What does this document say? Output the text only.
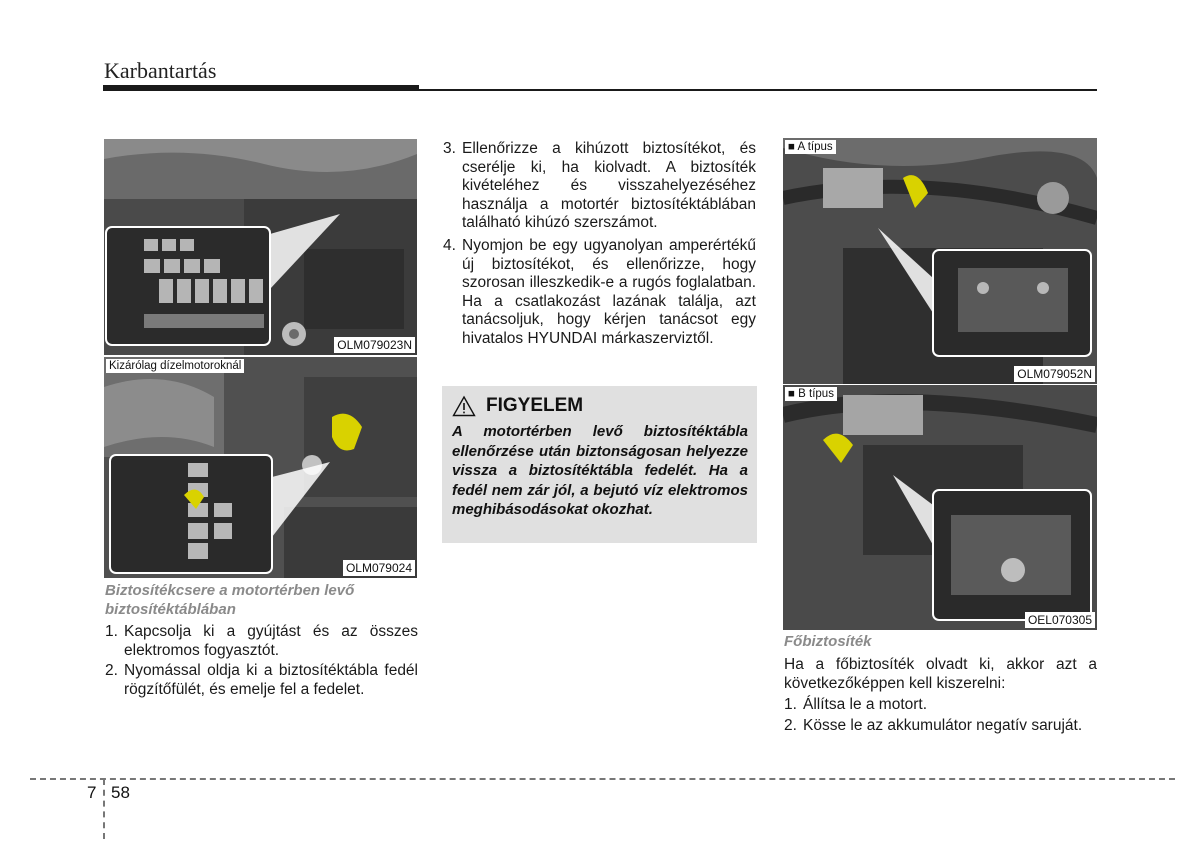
Karbantartás
OLM079023N
Kizárólag dízelmotoroknál
OLM079024
Biztosítékcsere a motortérben levő
biztosítéktáblában
1. Kapcsolja ki a gyújtást és az összes elektromos fogyasztót.
2. Nyomással oldja ki a biztosítéktábla fedél rögzítőfülét, és emelje fel a fedelet.
3. Ellenőrizze a kihúzott biztosítékot, és cserélje ki, ha kiolvadt. A biztosíték kivételéhez és visszahelyezéséhez használja a motortér biztosítéktáblában található kihúzó szerszámot.
4. Nyomjon be egy ugyanolyan amperértékű új biztosítékot, és ellenőrizze, hogy szorosan illeszkedik-e a rugós foglalatban. Ha a csatlakozást lazának találja, azt tanácsoljuk, hogy kérjen tanácsot egy hivatalos HYUNDAI márkaszerviztől.
FIGYELEM
A motortérben levő biztosítéktábla ellenőrzése után biztonságosan helyezze vissza a biztosítéktábla fedelét. Ha a fedél nem zár jól, a bejutó víz elektromos meghibásodásokat okozhat.
■ A típus
OLM079052N
■ B típus
OEL070305
Főbiztosíték
Ha a főbiztosíték olvadt ki, akkor azt a következőképpen kell kiszerelni:
1. Állítsa le a motort.
2. Kösse le az akkumulátor negatív saruját.
7 58
